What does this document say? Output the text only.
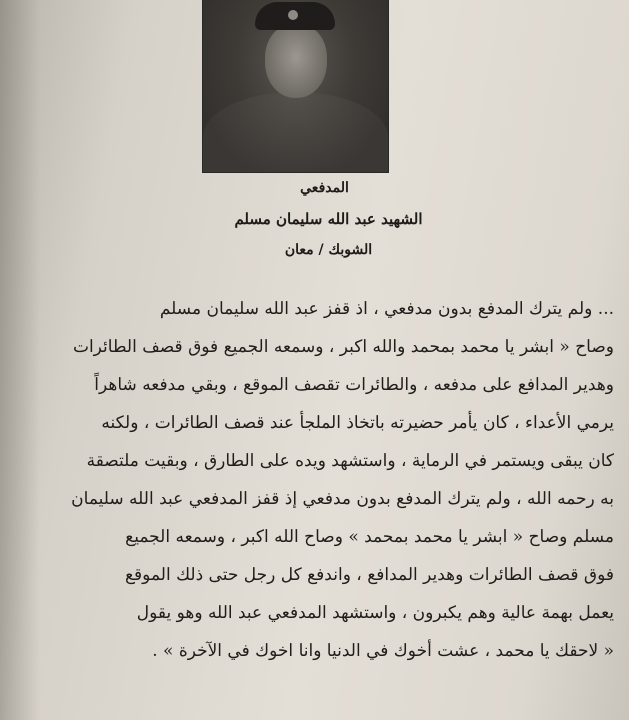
المدفعي
الشهيد عبد الله سليمان مسلم
الشوبك / معان
... ولم يترك المدفع بدون مدفعي ، اذ قفز عبد الله سليمان مسلم
وصاح « ابشر يا محمد بمحمد والله اكبر ، وسمعه الجميع فوق قصف الطائرات
وهدير المدافع على مدفعه ، والطائرات تقصف الموقع ، وبقي مدفعه شاهراً
يرمي الأعداء ، كان يأمر حضيرته باتخاذ الملجأ عند قصف الطائرات ، ولكنه
كان يبقى ويستمر في الرماية ، واستشهد ويده على الطارق ، وبقيت ملتصقة
به رحمه الله ، ولم يترك المدفع بدون مدفعي إذ قفز المدفعي عبد الله سليمان
مسلم وصاح « ابشر يا محمد بمحمد » وصاح الله اكبر ، وسمعه الجميع
فوق قصف الطائرات وهدير المدافع ، واندفع كل رجل حتى ذلك الموقع
يعمل بهمة عالية وهم يكبرون ، واستشهد المدفعي عبد الله وهو يقول
« لاحقك يا محمد ، عشت أخوك في الدنيا وانا اخوك في الآخرة » .
